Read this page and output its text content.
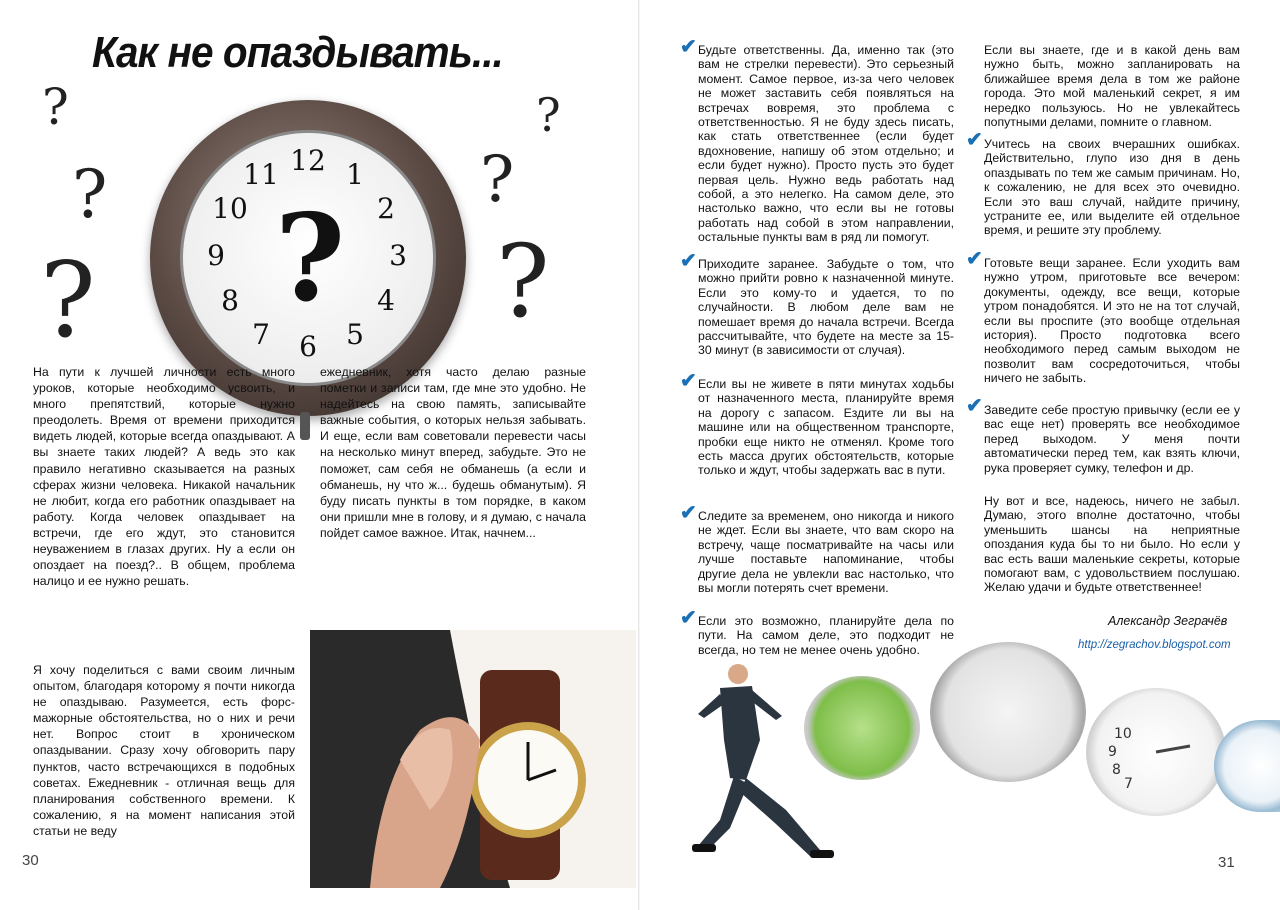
Как не опаздывать...
?
?
?
?
?
?
12 1
2
3
4
5
6
7
8
9
10
11
?

На пути к лучшей личности есть много уроков, которые необходимо усвоить, и много препятствий, которые нужно преодолеть. Время от времени приходится видеть людей, которые всегда опаздывают. А вы знаете таких людей? А ведь это как правило негативно сказывается на разных сферах жизни человека. Никакой начальник не любит, когда его работник опаздывает на работу. Когда человек опаздывает на встречи, где его ждут, это становится неуважением в глазах других. Ну а если он опоздает на поезд?.. В общем, проблема налицо и ее нужно решать.

ежедневник, хотя часто делаю разные пометки и записи там, где мне это удобно. Не надейтесь на свою память, записывайте важные события, о которых нельзя забывать. И еще, если вам советовали перевести часы на несколько минут вперед, забудьте. Это не поможет, сам себя не обманешь (а если и обманешь, ну что ж... будешь обманутым). Я буду писать пункты в том порядке, в каком они пришли мне в голову, и я думаю, с начала пойдет самое важное. Итак, начнем...

Я хочу поделиться с вами своим личным опытом, благодаря которому я почти никогда не опаздываю. Разумеется, есть форс-мажорные обстоятельства, но о них и речи нет. Вопрос стоит в хроническом опаздывании. Сразу хочу обговорить пару пунктов, часто встречающихся в подобных советах. Ежедневник - отличная вещь для планирования собственного времени. К сожалению, я на момент написания этой статьи не веду

30
✔ Будьте ответственны. Да, именно так (это вам не стрелки перевести). Это серьезный момент. Самое первое, из-за чего человек не может заставить себя появляться на встречах вовремя, это проблема с ответственностью. Я не буду здесь писать, как стать ответственнее (если будет вдохновение, напишу об этом отдельно; и если будет нужно). Просто пусть это будет первая цель. Нужно ведь работать над собой, а это нелегко. На самом деле, это настолько важно, что если вы не готовы работать над собой в этом направлении, остальные пункты вам в ряд ли помогут.

✔ Приходите заранее. Забудьте о том, что можно прийти ровно к назначенной минуте. Если это кому-то и удается, то по случайности. В любом деле вам не помешает время до начала встречи. Всегда рассчитывайте, что будете на месте за 15-30 минут (в зависимости от случая).

✔ Если вы не живете в пяти минутах ходьбы от назначенного места, планируйте время на дорогу с запасом. Ездите ли вы на машине или на общественном транспорте, пробки еще никто не отменял. Кроме того есть масса других обстоятельств, которые только и ждут, чтобы задержать вас в пути.

✔ Следите за временем, оно никогда и никого не ждет. Если вы знаете, что вам скоро на встречу, чаще посматривайте на часы или лучше поставьте напоминание, чтобы другие дела не увлекли вас настолько, что вы могли потерять счет времени.

✔ Если это возможно, планируйте дела по пути. На самом деле, это подходит не всегда, но тем не менее очень удобно.

Если вы знаете, где и в какой день вам нужно быть, можно запланировать на ближайшее время дела в том же районе города. Это мой маленький секрет, я им нередко пользуюсь. Но не увлекайтесь попутными делами, помните о главном.

✔ Учитесь на своих вчерашних ошибках. Действительно, глупо изо дня в день опаздывать по тем же самым причинам. Но, к сожалению, не для всех это очевидно. Если это ваш случай, найдите причину, устраните ее, или выделите ей отдельное время, и решите эту проблему.

✔ Готовьте вещи заранее. Если уходить вам нужно утром, приготовьте все вечером: документы, одежду, все вещи, которые утром понадобятся. И это не на тот случай, если вы проспите (это вообще отдельная история). Просто подготовка всего необходимого перед самым выходом не позволит вам сосредоточиться, чтобы ничего не забыть.

✔ Заведите себе простую привычку (если ее у вас еще нет) проверять все необходимое перед выходом. У меня почти автоматически перед тем, как взять ключи, рука проверяет сумку, телефон и др.

Ну вот и все, надеюсь, ничего не забыл. Думаю, этого вполне достаточно, чтобы уменьшить шансы на неприятные опоздания куда бы то ни было. Но если у вас есть ваши маленькие секреты, которые помогают вам, с удовольствием послушаю. Желаю удачи и будьте ответственнее!

Александр Зеграчёв
http://zegrachov.blogspot.com
10
9
8
7
31
